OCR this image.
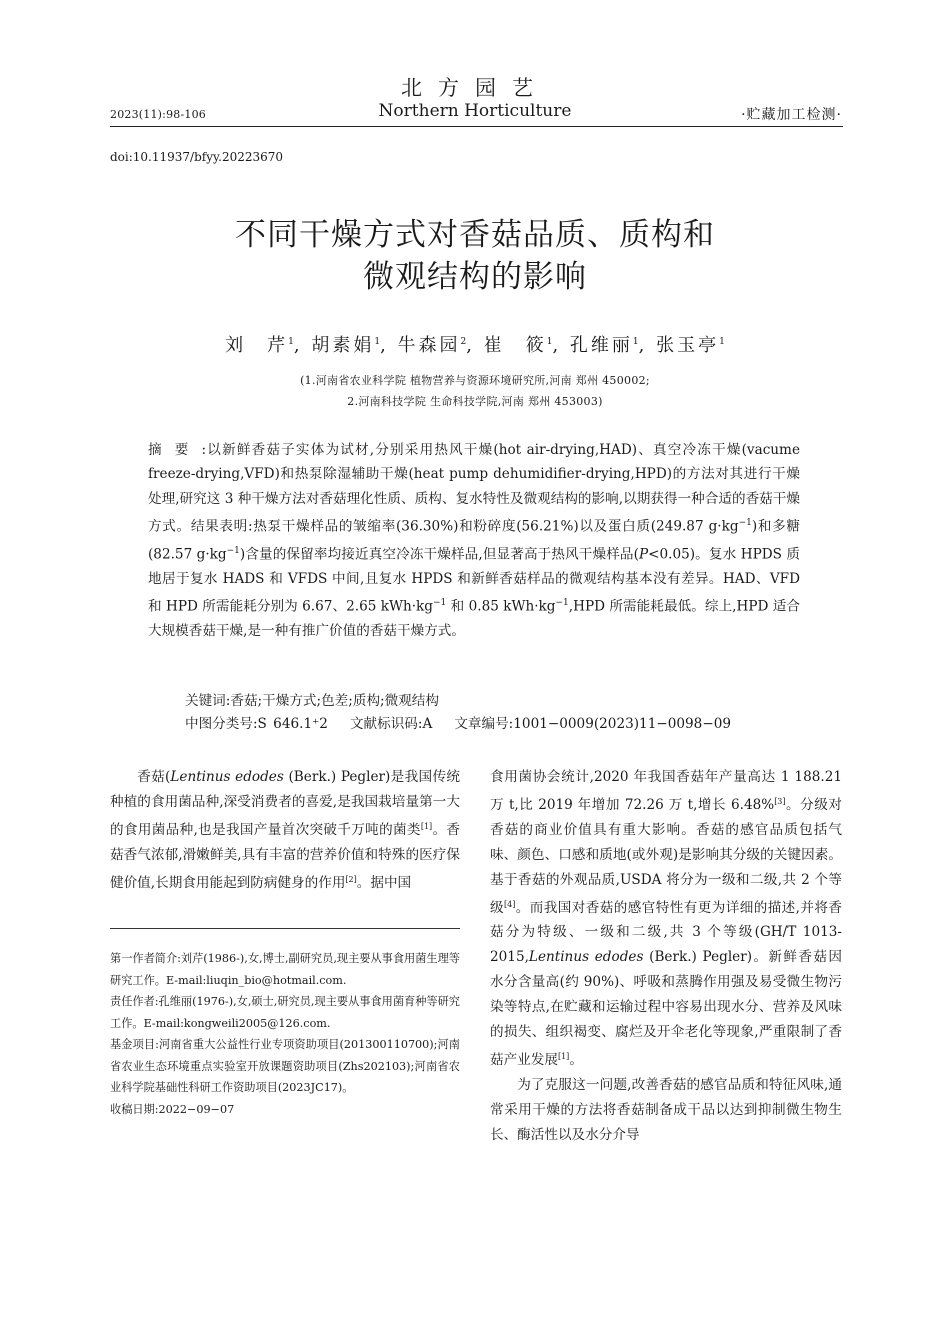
2023(11):98-106
北方园艺
Northern Horticulture	·贮藏加工检测·
doi:10.11937/bfyy.20223670
不同干燥方式对香菇品质、质构和
微观结构的影响
刘　芹$^1$, 胡素娟$^1$, 牛森园$^2$, 崔　筱$^1$, 孔维丽$^1$, 张玉亭$^1$
(1.河南省农业科学院 植物营养与资源环境研究所,河南 郑州 450002;
2.河南科技学院 生命科技学院,河南 郑州 453003)
摘要:以新鲜香菇子实体为试材,分别采用热风干燥(hot air-drying,HAD)、真空冷冻干燥(vacume freeze-drying,VFD)和热泵除湿辅助干燥(heat pump dehumidifier-drying,HPD)的方法对其进行干燥处理,研究这 3 种干燥方法对香菇理化性质、质构、复水特性及微观结构的影响,以期获得一种合适的香菇干燥方式。结果表明:热泵干燥样品的皱缩率(36.30%)和粉碎度(56.21%)以及蛋白质(249.87 $g\cdot kg^{-1}$)和多糖(82.57 $g\cdot kg^{-1}$)含量的保留率均接近真空冷冻干燥样品,但显著高于热风干燥样品(P<0.05)。复水 HPDS 质地居于复水 HADS 和 VFDS 中间,且复水 HPDS 和新鲜香菇样品的微观结构基本没有差异。HAD、VFD 和 HPD 所需能耗分别为 6.67、2.65 $kWh\cdot kg^{-1}$ 和 0.85 $kWh\cdot kg^{-1},HPD$ 所需能耗最低。综上,HPD 适合大规模香菇干燥,是一种有推广价值的香菇干燥方式。
关键词:香菇;干燥方式;色差;质构;微观结构
中图分类号:S 646.1⁺2 文献标识码:A 文章编号:1001−0009(2023)11−0098−09

香菇(Lentinus edodes (Berk.) Pegler)是我国传统种植的食用菌品种,深受消费者的喜爱,是我国栽培量第一大的食用菌品种,也是我国产量首次突破千万吨的菌类[1]。香菇香气浓郁,滑嫩鲜美,具有丰富的营养价值和特殊的医疗保健价值,长期食用能起到防病健身的作用[2]。据中国

第一作者简介:刘芹(1986-),女,博士,副研究员,现主要从事食用菌生理等研究工作。E-mail:liuqin_bio@hotmail.com.
责任作者:孔维丽(1976-),女,硕士,研究员,现主要从事食用菌育种等研究工作。E-mail:kongweili2005@126.com.
基金项目:河南省重大公益性行业专项资助项目(201300110700);河南省农业生态环境重点实验室开放课题资助项目(Zhs202103);河南省农业科学院基础性科研工作资助项目(2023JC17)。
收稿日期:2022−09−07

食用菌协会统计,2020 年我国香菇年产量高达 1 188.21 万 t,比 2019 年增加 72.26 万 t,增长 6.48%[3]。分级对香菇的商业价值具有重大影响。香菇的感官品质包括气味、颜色、口感和质地(或外观)是影响其分级的关键因素。基于香菇的外观品质,USDA 将分为一级和二级,共 2 个等级[4]。而我国对香菇的感官特性有更为详细的描述,并将香菇分为特级、一级和二级,共 3 个等级(GH/T 1013-2015,Lentinus edodes (Berk.) Pegler)。新鲜香菇因水分含量高(约 90%)、呼吸和蒸腾作用强及易受微生物污染等特点,在贮藏和运输过程中容易出现水分、营养及风味的损失、组织褐变、腐烂及开伞老化等现象,严重限制了香菇产业发展[1]。

为了克服这一问题,改善香菇的感官品质和特征风味,通常采用干燥的方法将香菇制备成干品以达到抑制微生物生长、酶活性以及水分介导
